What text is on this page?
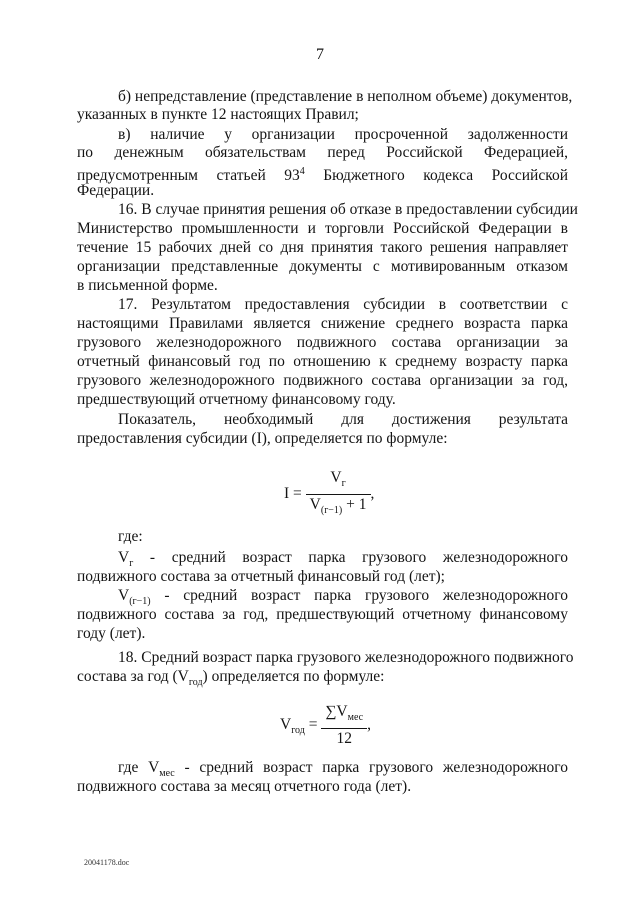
7
б) непредставление (представление в неполном объеме) документов,
указанных в пункте 12 настоящих Правил;
в) наличие у организации просроченной задолженности
по денежным обязательствам перед Российской Федерацией,
Федерации.
16. В случае принятия решения об отказе в предоставлении субсидии
Министерство промышленности и торговли Российской Федерации в
течение 15 рабочих дней со дня принятия такого решения направляет
организации представленные документы с мотивированным отказом
в письменной форме.
17. Результатом предоставления субсидии в соответствии с
настоящими Правилами является снижение среднего возраста парка
грузового железнодорожного подвижного состава организации за
отчетный финансовый год по отношению к среднему возрасту парка
грузового железнодорожного подвижного состава организации за год,
предшествующий отчетному финансовому году.
Показатель, необходимый для достижения результата
предоставления субсидии (I), определяется по формуле:
где:
подвижного состава за отчетный финансовый год (лет);
подвижного состава за год, предшествующий отчетному финансовому
году (лет).
18. Средний возраст парка грузового железнодорожного подвижного
подвижного состава за месяц отчетного года (лет).
предусмотренным статьей $93^4$ Бюджетного кодекса Российской
$I = \frac{V_г}{V_{(г-1)} + 1}$ ,
$V_г$ - средний возраст парка грузового железнодорожного
$V_{(г-1)}$ - средний возраст парка грузового железнодорожного
состава за год $(V_{год})$ определяется по формуле:
$V_{год} = \frac{\sum V_{мес}}{12}$ ,
где $V_{мес}$ - средний возраст парка грузового железнодорожного
20041178.doc
